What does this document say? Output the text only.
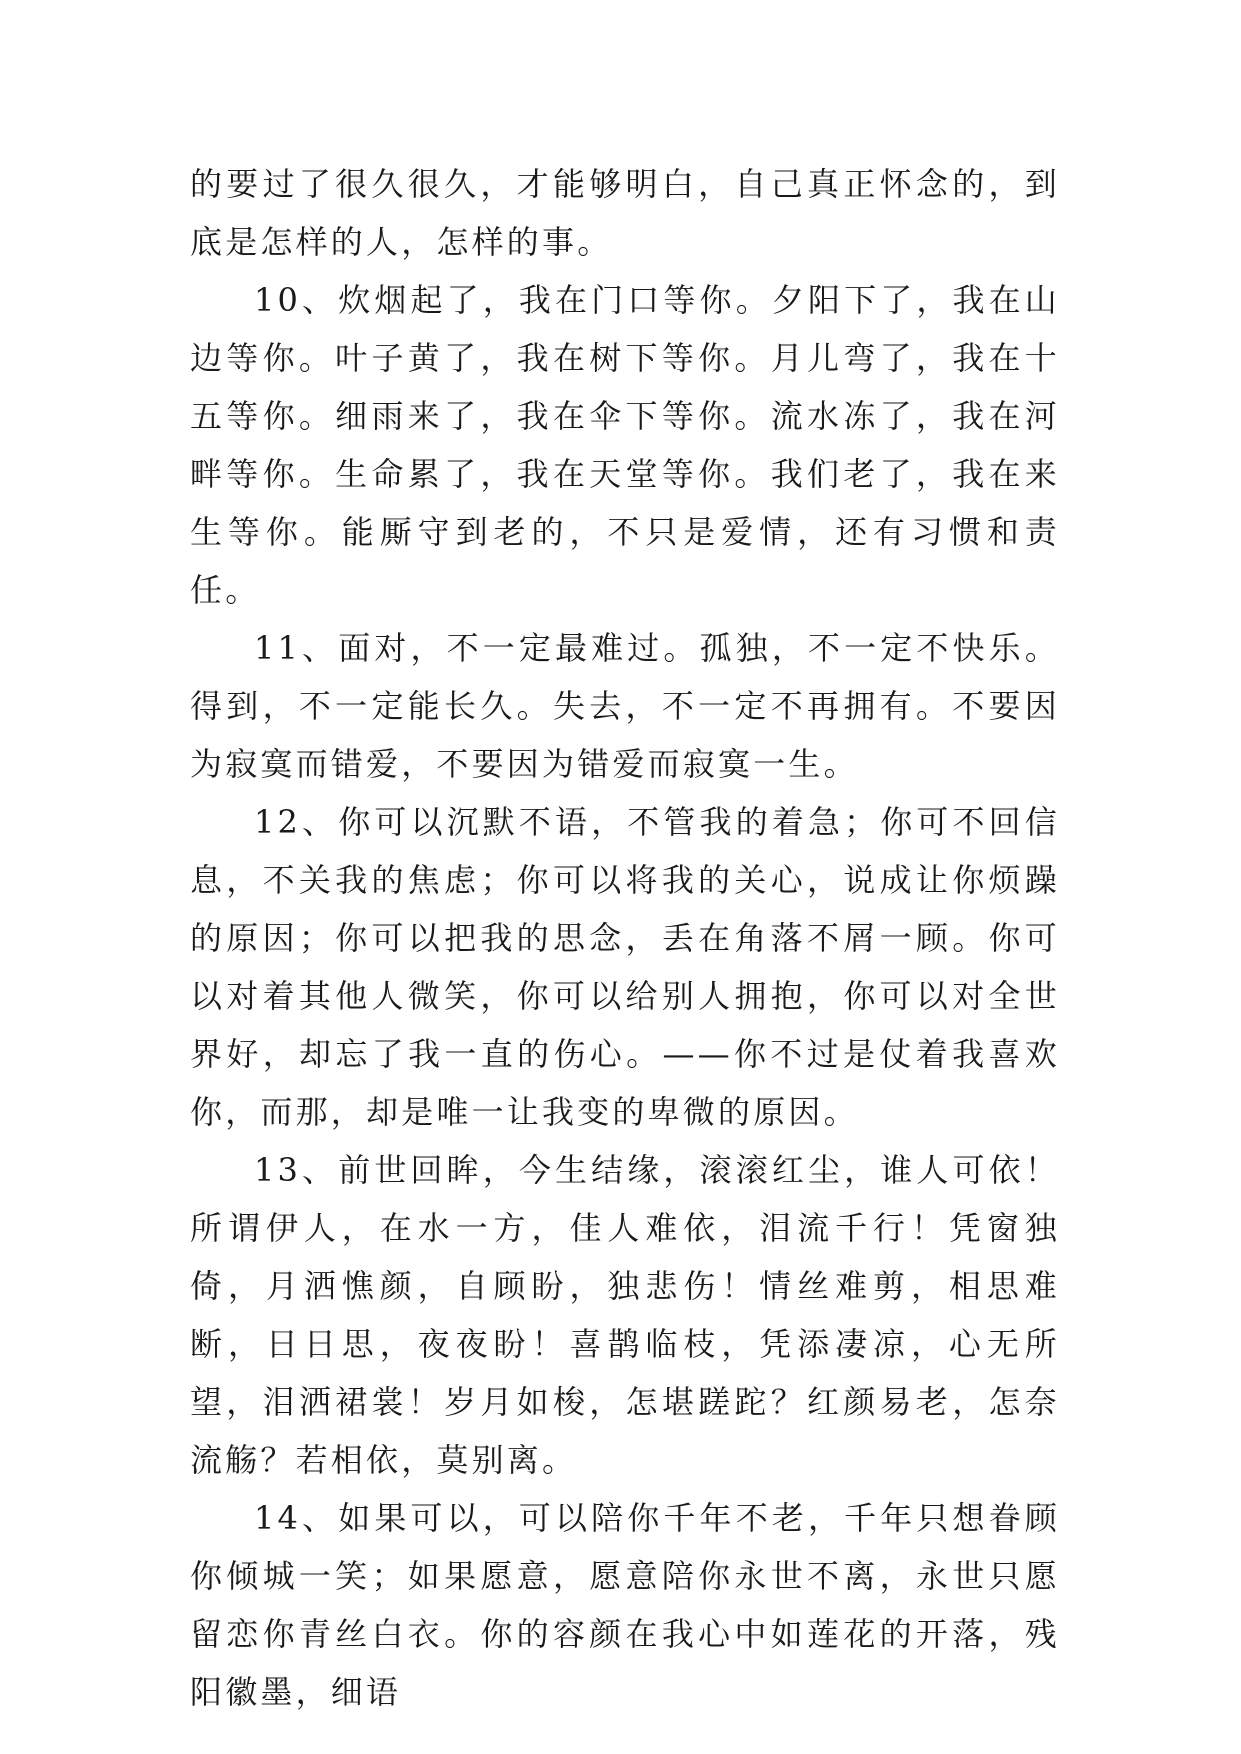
的要过了很久很久，才能够明白，自己真正怀念的，到底是怎样的人，怎样的事。

10、炊烟起了，我在门口等你。夕阳下了，我在山边等你。叶子黄了，我在树下等你。月儿弯了，我在十五等你。细雨来了，我在伞下等你。流水冻了，我在河畔等你。生命累了，我在天堂等你。我们老了，我在来生等你。能厮守到老的，不只是爱情，还有习惯和责任。

11、面对，不一定最难过。孤独，不一定不快乐。得到，不一定能长久。失去，不一定不再拥有。不要因为寂寞而错爱，不要因为错爱而寂寞一生。

12、你可以沉默不语，不管我的着急；你可不回信息，不关我的焦虑；你可以将我的关心，说成让你烦躁的原因；你可以把我的思念，丢在角落不屑一顾。你可以对着其他人微笑，你可以给别人拥抱，你可以对全世界好，却忘了我一直的伤心。——你不过是仗着我喜欢你，而那，却是唯一让我变的卑微的原因。

13、前世回眸，今生结缘，滚滚红尘，谁人可依！所谓伊人，在水一方，佳人难依，泪流千行！凭窗独倚，月洒憔颜，自顾盼，独悲伤！情丝难剪，相思难断，日日思，夜夜盼！喜鹊临枝，凭添凄凉，心无所望，泪洒裙裳！岁月如梭，怎堪蹉跎？红颜易老，怎奈流觞？若相依，莫别离。

14、如果可以，可以陪你千年不老，千年只想眷顾你倾城一笑；如果愿意，愿意陪你永世不离，永世只愿留恋你青丝白衣。你的容颜在我心中如莲花的开落，残阳徽墨，细语
